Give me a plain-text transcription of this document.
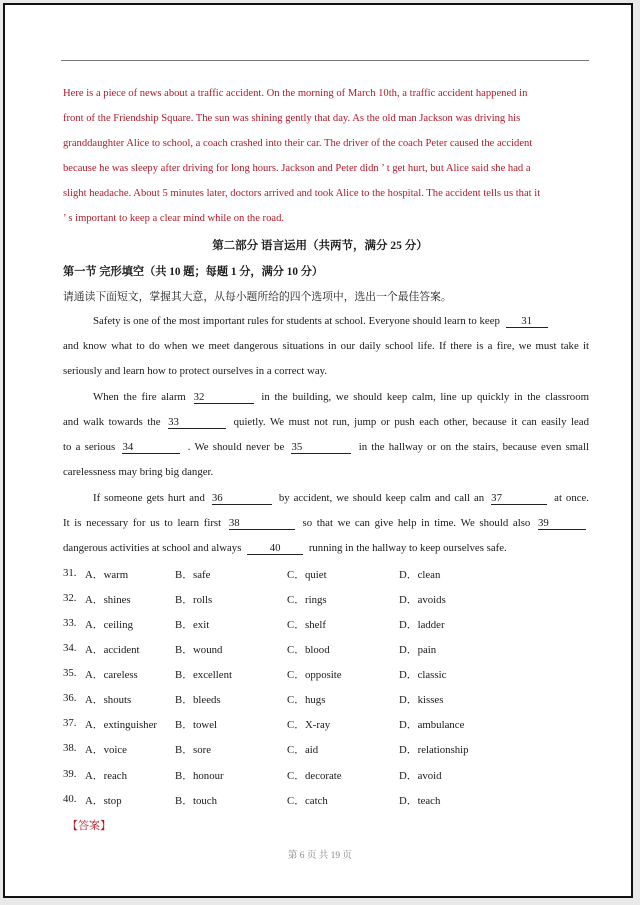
Here is a piece of news about a traffic accident. On the morning of March 10th, a traffic accident happened in
front of the Friendship Square. The sun was shining gently that day. As the old man Jackson was driving his
granddaughter Alice to school, a coach crashed into their car. The driver of the coach Peter caused the accident
because he was sleepy after driving for long hours. Jackson and Peter didn ’ t get hurt, but Alice said she had a
slight headache. About 5 minutes later, doctors arrived and took Alice to the hospital. The accident tells us that it
’ s important to keep a clear mind while on the road.
第二部分 语言运用（共两节，满分 25 分）
第一节 完形填空（共 10 题；每题 1 分，满分 10 分）
请通读下面短文，掌握其大意，从每小题所给的四个选项中，选出一个最佳答案。
Safety is one of the most important rules for students at school. Everyone should learn to keep 31
and know what to do when we meet dangerous situations in our daily school life. If there is a fire, we must take it
seriously and learn how to protect ourselves in a correct way.
When the fire alarm 32	in the building, we should keep calm, line up quickly in the classroom
and walk towards the 33	quietly. We must not run, jump or push each other, because it can easily lead
to a serious 34	. We should never be 35	in the hallway or on the stairs, because even small
carelessness may bring big danger.
If someone gets hurt and 36	by accident, we should keep calm and call an 37	at once.
It is necessary for us to learn first 38	so that we can give help in time. We should also 39
dangerous activities at school and always	40	running in the hallway to keep ourselves safe.
31. A．warm	B．safe	C．quiet	D．clean
32. A．shines	B．rolls	C．rings	D．avoids
33. A．ceiling	B．exit	C．shelf	D．ladder
34. A．accident	B．wound	C．blood	D．pain
35. A．careless	B．excellent	C．opposite	D．classic
36. A．shouts	B．bleeds	C．hugs	D．kisses
37. A．extinguisher B．towel	C．X-ray	D．ambulance
38. A．voice	B．sore	C．aid	D．relationship
39. A．reach	B．honour	C．decorate	D．avoid
40. A．stop	B．touch	C．catch	D．teach
【答案】
第 6 页 共 19 页
